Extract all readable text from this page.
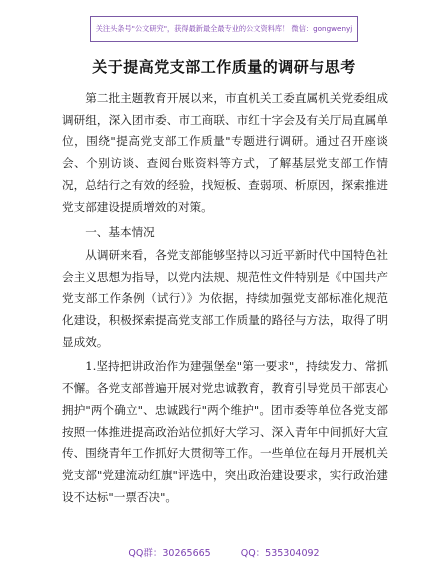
关注头条号"公文研究"，获得最新最全最专业的公文资料库！ 微信：gongwenyj
关于提高党支部工作质量的调研与思考

第二批主题教育开展以来，市直机关工委直属机关党委组成调研组，深入团市委、市工商联、市红十字会及有关厅局直属单位，围绕"提高党支部工作质量"专题进行调研。通过召开座谈会、个别访谈、查阅台账资料等方式，了解基层党支部工作情况，总结行之有效的经验，找短板、查弱项、析原因，探索推进党支部建设提质增效的对策。

一、基本情况

从调研来看，各党支部能够坚持以习近平新时代中国特色社会主义思想为指导，以党内法规、规范性文件特别是《中国共产党支部工作条例（试行）》为依据，持续加强党支部标准化规范化建设，积极探索提高党支部工作质量的路径与方法，取得了明显成效。

1.坚持把讲政治作为建强堡垒"第一要求"，持续发力、常抓不懈。各党支部普遍开展对党忠诚教育，教育引导党员干部衷心拥护"两个确立"、忠诚践行"两个维护"。团市委等单位各党支部按照一体推进提高政治站位抓好大学习、深入青年中间抓好大宣传、围绕青年工作抓好大贯彻等工作。一些单位在每月开展机关党支部"党建流动红旗"评选中，突出政治建设要求，实行政治建设不达标"一票否决"。

QQ群：30265665	QQ：535304092
